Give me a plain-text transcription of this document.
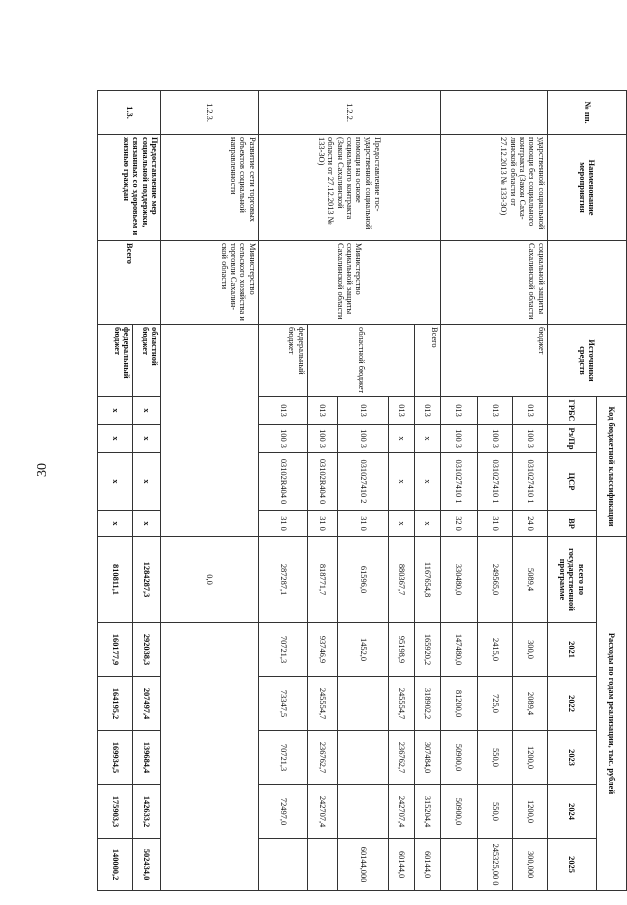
30
№ пп.	Наименование мероприятия		Источники средств	Код бюджетной классификации				Расходы по годам реализации, тыс. рублей					
				ГРБС	Рз/Пр	ЦСР	ВР	всего по государственной программе	2021	2022	2023	2024	2025
	ударственной социальной помощи без социального контракта (Закон Сахалинской области от 27.12.2013 № 133-ЗО)	социальной защиты Сахалинской области	бюджет	013	100 3	031027410 1	24 0	5089,4	300,0	2089,4	1200,0	1200,0	300,000
				013	100 3	031027410 1	31 0	249565,0	2415,0	725,0	550,0	550,0	245325,00 0
				013	100 3	031027410 1	32 0	330480,0	147480,0	81200,0	50900,0	50900,0	
1.2.2.	Предоставление государственной социальной помощи на основе социального контракта (Закон Сахалинской области от 27.12.2013 № 133-ЗО)	Министерство социальной защиты Сахалинской области	Всего	013	х	х	х	1167654,8	165920,2	318902,2	307484,0	315204,4	60144,0
			областной бюджет	013	х	х	х	880367,7	95198,9	245554,7	236762,7	242707,4	60144,0
				013	100 3	031027410 2	31 0	61596,0	1452,0				60144,000
				013	100 3	03102R404 0	31 0	818771,7	93746,9	245554,7	236762,7	242707,4	
			федеральный бюджет	013	100 3	03102R404 0	31 0	287287,1	70721,3	73347,5	70721,3	72497,0	
1.2.3.	Развитие сети торговых объектов социальной направленности	Министерство сельского хозяйства и торговли Сахалинской области						0,0					
1.3.	Предоставление мер социальной поддержки, связанных со здоровьем и жизнью граждан	Всего	областной бюджет	х	х	х	х	1284287,3	292038,3	207497,4	139684,4	142633,2	502434,0
			федеральный бюджет	х	х	х	х	810811,1	160177,9	164195,2	169934,5	175903,3	140000,2
